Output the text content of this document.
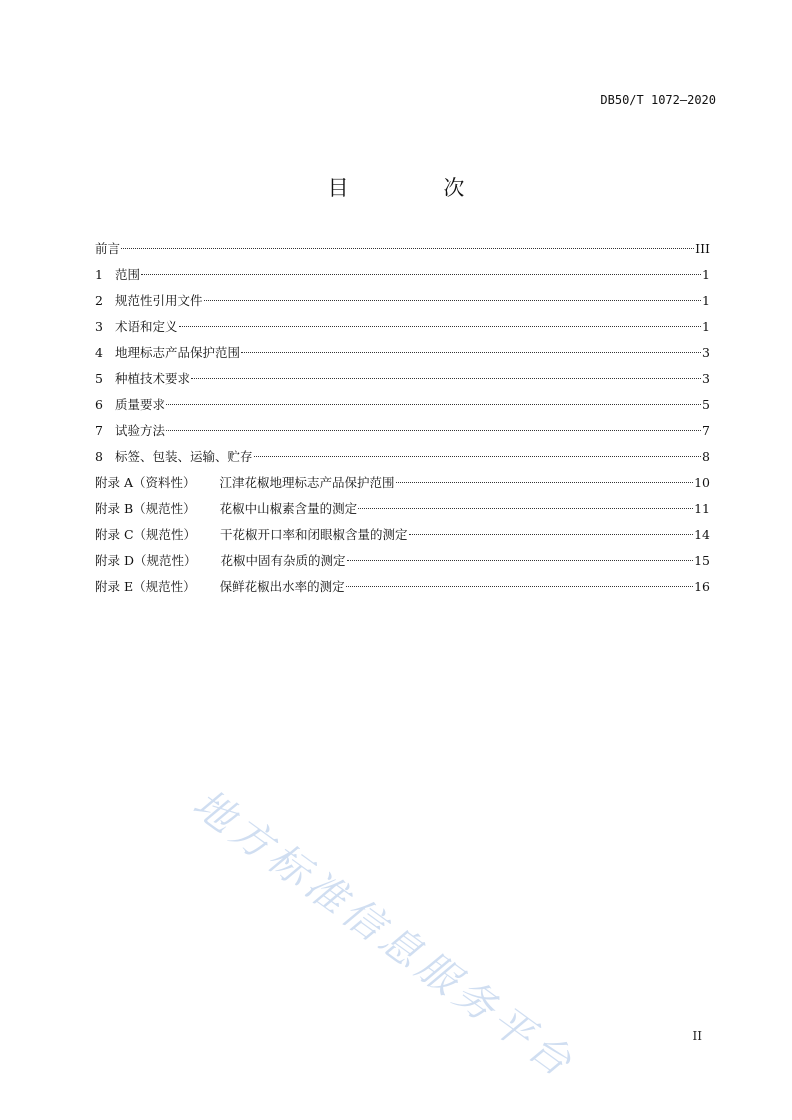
DB50/T 1072—2020
目 次
前言	III
1 范围	1
2 规范性引用文件	1
3 术语和定义	1
4 地理标志产品保护范围	3
5 种植技术要求	3
6 质量要求	5
7 试验方法	7
8 标签、包装、运输、贮存	8
附录 A（资料性） 江津花椒地理标志产品保护范围	10
附录 B（规范性） 花椒中山椒素含量的测定	11
附录 C（规范性） 干花椒开口率和闭眼椒含量的测定	14
附录 D（规范性） 花椒中固有杂质的测定	15
附录 E（规范性） 保鲜花椒出水率的测定	16
地方标准信息服务平台	II
